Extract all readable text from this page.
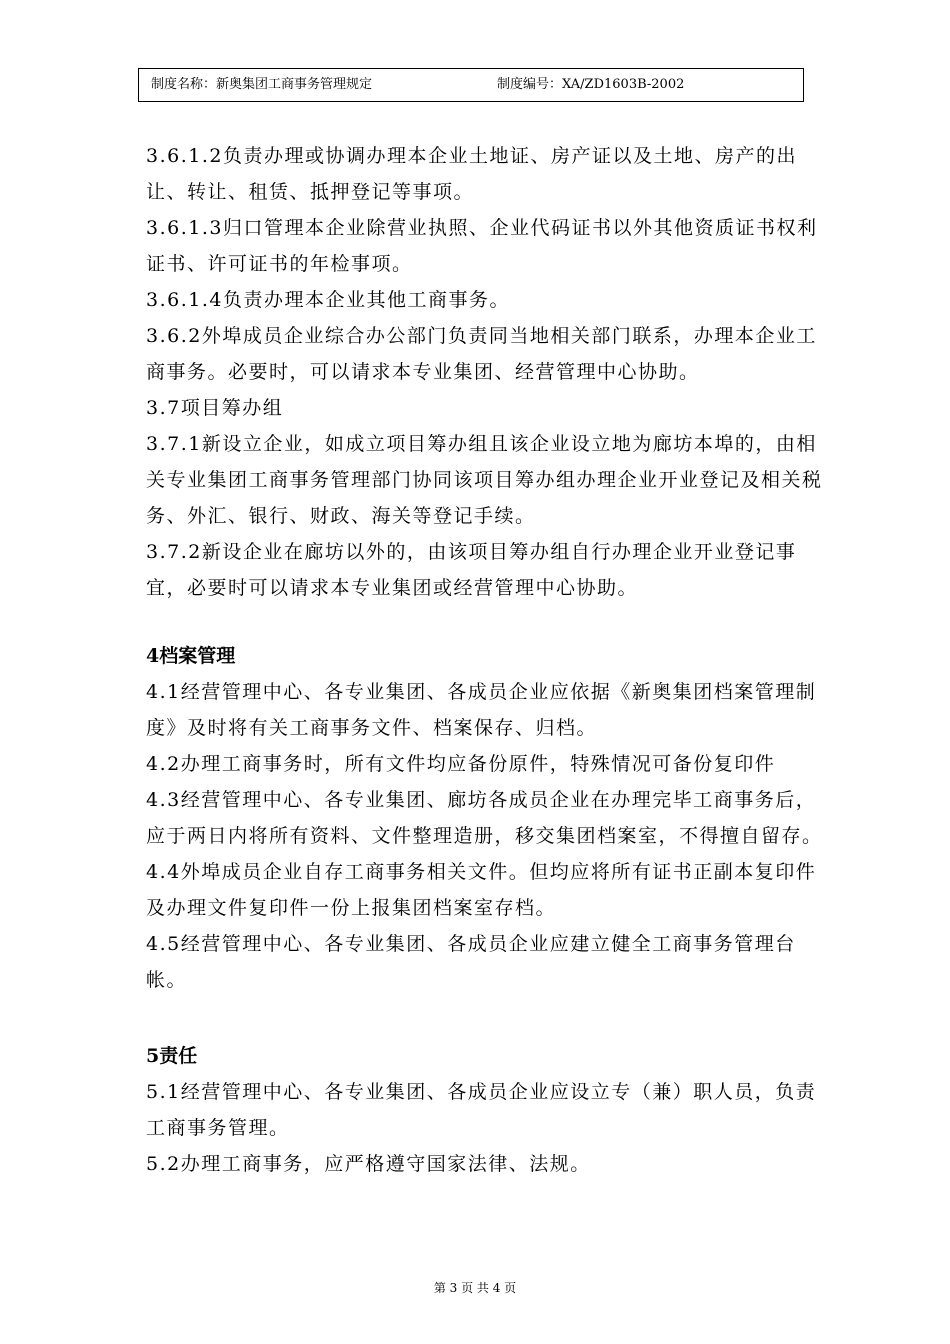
制度名称：新奥集团工商事务管理规定	制度编号：XA/ZD1603B-2002

3.6.1.2负责办理或协调办理本企业土地证、房产证以及土地、房产的出让、转让、租赁、抵押登记等事项。

3.6.1.3归口管理本企业除营业执照、企业代码证书以外其他资质证书权利证书、许可证书的年检事项。

3.6.1.4负责办理本企业其他工商事务。

3.6.2外埠成员企业综合办公部门负责同当地相关部门联系，办理本企业工商事务。必要时，可以请求本专业集团、经营管理中心协助。

3.7项目筹办组

3.7.1新设立企业，如成立项目筹办组且该企业设立地为廊坊本埠的，由相关专业集团工商事务管理部门协同该项目筹办组办理企业开业登记及相关税务、外汇、银行、财政、海关等登记手续。

3.7.2新设企业在廊坊以外的，由该项目筹办组自行办理企业开业登记事宜，必要时可以请求本专业集团或经营管理中心协助。

4档案管理

4.1经营管理中心、各专业集团、各成员企业应依据《新奥集团档案管理制度》及时将有关工商事务文件、档案保存、归档。

4.2办理工商事务时，所有文件均应备份原件，特殊情况可备份复印件

4.3经营管理中心、各专业集团、廊坊各成员企业在办理完毕工商事务后，应于两日内将所有资料、文件整理造册，移交集团档案室，不得擅自留存。

4.4外埠成员企业自存工商事务相关文件。但均应将所有证书正副本复印件及办理文件复印件一份上报集团档案室存档。

4.5经营管理中心、各专业集团、各成员企业应建立健全工商事务管理台帐。

5责任

5.1经营管理中心、各专业集团、各成员企业应设立专（兼）职人员，负责工商事务管理。

5.2办理工商事务，应严格遵守国家法律、法规。

第 3 页 共 4 页
